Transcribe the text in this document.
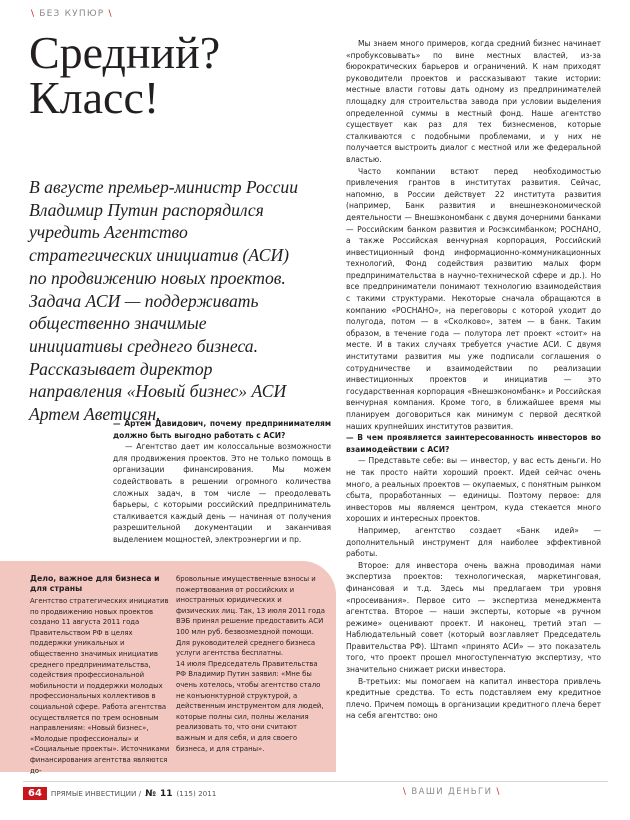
\ БЕЗ КУПЮР \
Средний?
Класс!

В августе премьер-министр России Владимир Путин распорядился учредить Агентство стратегических инициатив (АСИ) по продвижению новых проектов. Задача АСИ — поддерживать общественно значимые инициативы среднего бизнеса. Рассказывает директор направления «Новый бизнес» АСИ Артем Аветисян.

— Артем Давидович, почему предпринимателям должно быть выгодно работать с АСИ?

— Агентство дает им колоссальные возможности для продвижения проектов. Это не только помощь в организации финансирования. Мы можем содействовать в решении огромного количества сложных задач, в том числе — преодолевать барьеры, с которыми российский предприниматель сталкивается каждый день — начиная от получения разрешительной документации и заканчивая выделением мощностей, электроэнергии и пр.

Мы знаем много примеров, когда средний бизнес начинает «пробуксовывать» по вине местных властей, из-за бюрократических барьеров и ограничений. К нам приходят руководители проектов и рассказывают такие истории: местные власти готовы дать одному из предпринимателей площадку для строительства завода при условии выделения определенной суммы в местный фонд. Наше агентство существует как раз для тех бизнесменов, которые сталкиваются с подобными проблемами, и у них не получается выстроить диалог с местной или же федеральной властью.

Часто компании встают перед необходимостью привлечения грантов в институтах развития. Сейчас, напомню, в России действует 22 института развития (например, Банк развития и внешнеэкономической деятельности — Внешэкономбанк с двумя дочерними банками — Российским банком развития и Росэксимбанком; РОСНАНО, а также Российская венчурная корпорация, Российский инвестиционный фонд информационно-коммуникационных технологий, Фонд содействия развитию малых форм предпринимательства в научно-технической сфере и др.). Но все предприниматели понимают технологию взаимодействия с такими структурами. Некоторые сначала обращаются в компанию «РОСНАНО», на переговоры с которой уходит до полугода, потом — в «Сколково», затем — в банк. Таким образом, в течение года — полутора лет проект «стоит» на месте. И в таких случаях требуется участие АСИ. С двумя институтами развития мы уже подписали соглашения о сотрудничестве и взаимодействии по реализации инвестиционных проектов и инициатив — это государственная корпорация «Внешэкономбанк» и Российская венчурная компания. Кроме того, в ближайшее время мы планируем договориться как минимум с первой десяткой наших крупнейших институтов развития.

— В чем проявляется заинтересованность инвесторов во взаимодействии с АСИ?

— Представьте себе: вы — инвестор, у вас есть деньги. Но не так просто найти хороший проект. Идей сейчас очень много, а реальных проектов — окупаемых, с понятным рынком сбыта, проработанных — единицы. Поэтому первое: для инвесторов мы являемся центром, куда стекается много хороших и интересных проектов.

Например, агентство создает «Банк идей» — дополнительный инструмент для наиболее эффективной работы.

Второе: для инвестора очень важна проводимая нами экспертиза проектов: технологическая, маркетинговая, финансовая и т.д. Здесь мы предлагаем три уровня «просеивания». Первое сито — экспертиза менеджмента агентства. Второе — наши эксперты, которые «в ручном режиме» оценивают проект. И наконец, третий этап — Наблюдательный совет (который возглавляет Председатель Правительства РФ). Штамп «принято АСИ» — это показатель того, что проект прошел многоступенчатую экспертизу, что значительно снижает риски инвестора.

В-третьих: мы помогаем на капитал инвестора привлечь кредитные средства. То есть подставляем ему кредитное плечо. Причем помощь в организации кредитного плеча берет на себя агентство: оно

Дело, важное для бизнеса и для страны

Агентство стратегических инициатив по продвижению новых проектов создано 11 августа 2011 года Правительством РФ в целях поддержки уникальных и общественно значимых инициатив среднего предпринимательства, содействия профессиональной мобильности и поддержки молодых профессиональных коллективов в социальной сфере. Работа агентства осуществляется по трем основным направлениям: «Новый бизнес», «Молодые профессионалы» и «Социальные проекты». Источниками финансирования агентства являются до-

бровольные имущественные взносы и пожертвования от российских и иностранных юридических и физических лиц. Так, 13 июля 2011 года ВЭБ принял решение предоставить АСИ 100 млн руб. безвозмездной помощи. Для руководителей среднего бизнеса услуги агентства бесплатны.

14 июля Председатель Правительства РФ Владимир Путин заявил: «Мне бы очень хотелось, чтобы агентство стало не конъюнктурной структурой, а действенным инструментом для людей, которые полны сил, полны желания реализовать то, что они считают важным и для себя, и для своего бизнеса, и для страны».

64	ПРЯМЫЕ ИНВЕСТИЦИИ / № 11 (115) 2011	\ ВАШИ ДЕНЬГИ \
